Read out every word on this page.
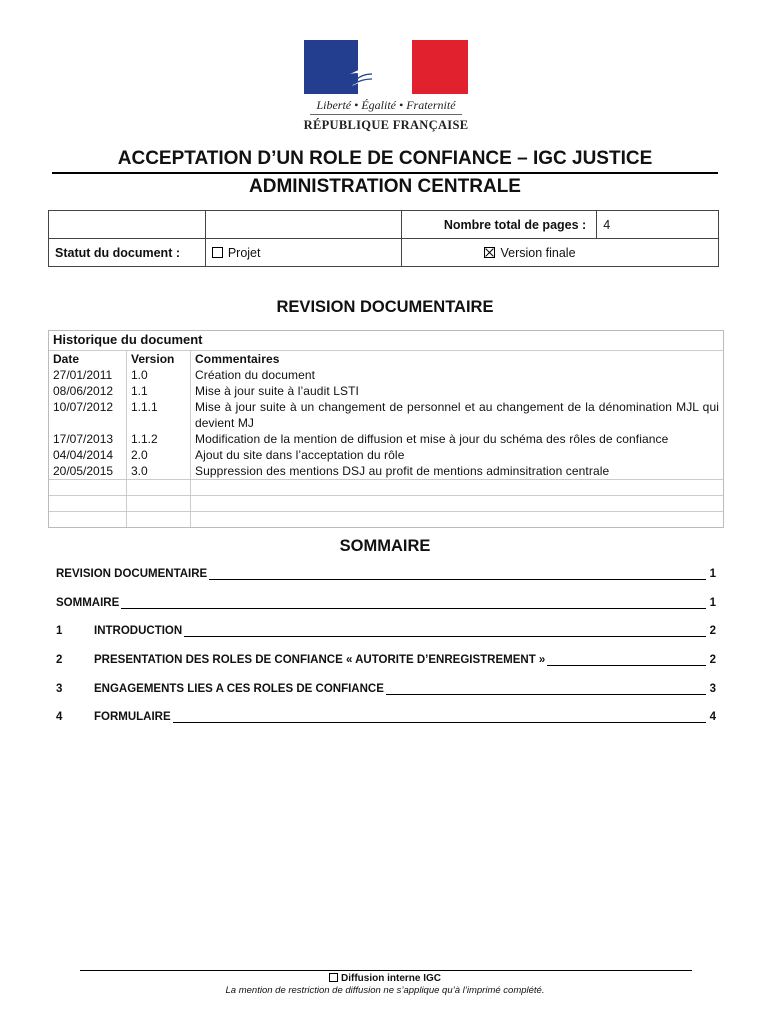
Liberté • Égalité • Fraternité
RÉPUBLIQUE FRANÇAISE
ACCEPTATION D’UN ROLE DE CONFIANCE – IGC JUSTICE
ADMINISTRATION CENTRALE
		Nombre total de pages :	4
Statut du document :	Projet	Version finale	
REVISION DOCUMENTAIRE
Historique du document
Date	Version	Commentaires
27/01/2011	1.0	Création du document
08/06/2012	1.1	Mise à jour suite à l’audit LSTI
10/07/2012	1.1.1	Mise à jour suite à un changement de personnel et au changement de la dénomination MJL qui devient MJ
17/07/2013	1.1.2	Modification de la mention de diffusion et mise à jour du schéma des rôles de confiance
04/04/2014	2.0	Ajout du site dans l’acceptation du rôle
20/05/2015	3.0	Suppression des mentions DSJ au profit de mentions adminsitration centrale

SOMMAIRE
REVISION DOCUMENTAIRE	1
SOMMAIRE	1
1	INTRODUCTION	2
2	PRESENTATION DES ROLES DE CONFIANCE « AUTORITE D’ENREGISTREMENT »	2
3	ENGAGEMENTS LIES A CES ROLES DE CONFIANCE	3
4	FORMULAIRE	4
Diffusion interne IGC
La mention de restriction de diffusion ne s’applique qu’à l’imprimé complété.
